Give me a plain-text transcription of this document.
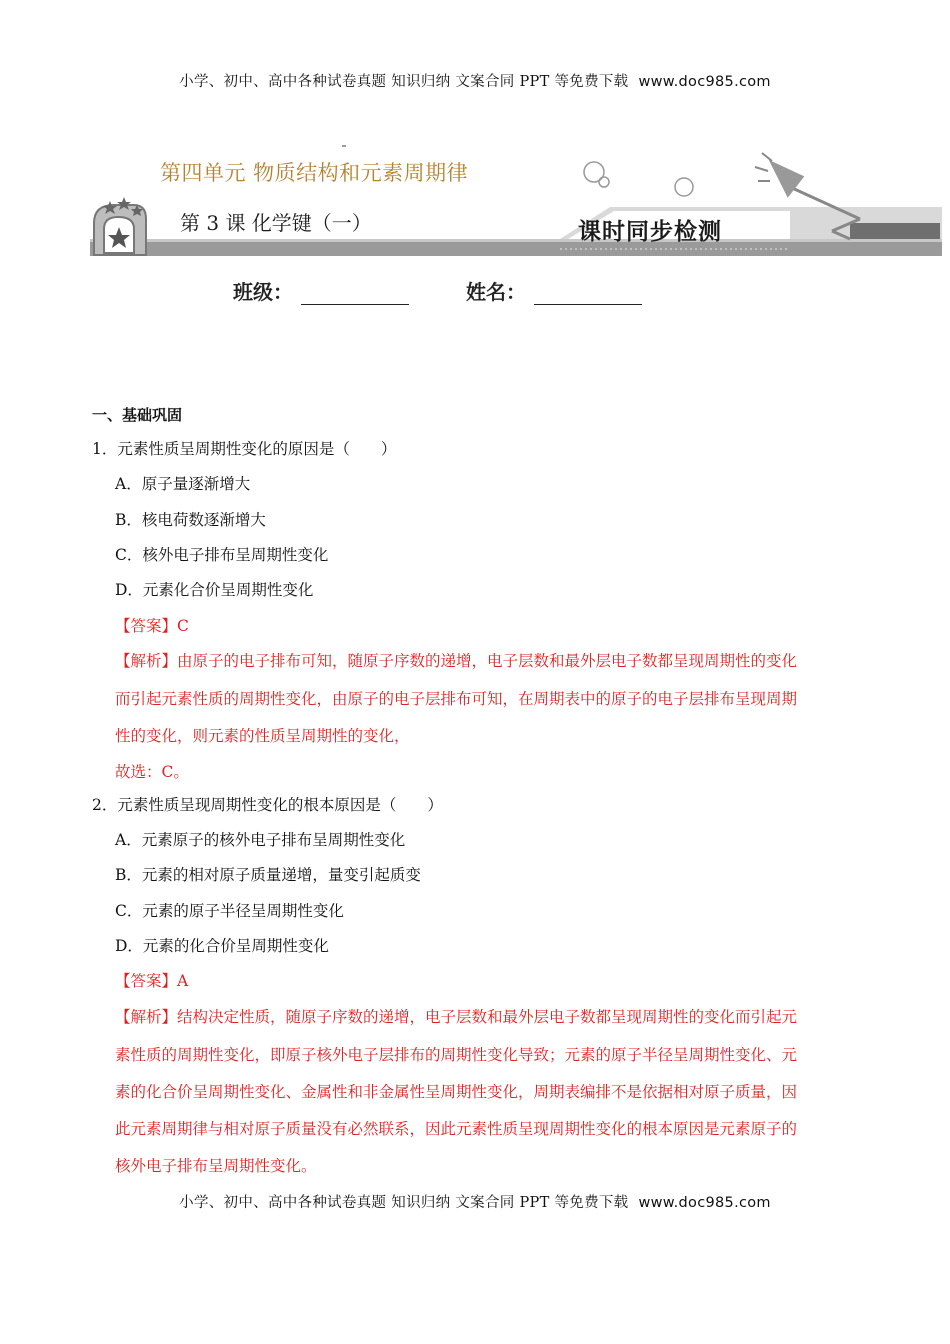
小学、初中、高中各种试卷真题 知识归纳 文案合同 PPT 等免费下载 www.doc985.com
第四单元 物质结构和元素周期律
第 3 课 化学键（一）	课时同步检测
班级：	姓名：
一、基础巩固
1．元素性质呈周期性变化的原因是（　　）
A．原子量逐渐增大
B．核电荷数逐渐增大
C．核外电子排布呈周期性变化
D．元素化合价呈周期性变化
【答案】C
【解析】由原子的电子排布可知，随原子序数的递增，电子层数和最外层电子数都呈现周期性的变化
而引起元素性质的周期性变化，由原子的电子层排布可知，在周期表中的原子的电子层排布呈现周期
性的变化，则元素的性质呈周期性的变化，
故选：C。
2．元素性质呈现周期性变化的根本原因是（　　）
A．元素原子的核外电子排布呈周期性变化
B．元素的相对原子质量递增，量变引起质变
C．元素的原子半径呈周期性变化
D．元素的化合价呈周期性变化
【答案】A
【解析】结构决定性质，随原子序数的递增，电子层数和最外层电子数都呈现周期性的变化而引起元
素性质的周期性变化，即原子核外电子层排布的周期性变化导致；元素的原子半径呈周期性变化、元
素的化合价呈周期性变化、金属性和非金属性呈周期性变化，周期表编排不是依据相对原子质量，因
此元素周期律与相对原子质量没有必然联系，因此元素性质呈现周期性变化的根本原因是元素原子的
核外电子排布呈周期性变化。
小学、初中、高中各种试卷真题 知识归纳 文案合同 PPT 等免费下载 www.doc985.com
